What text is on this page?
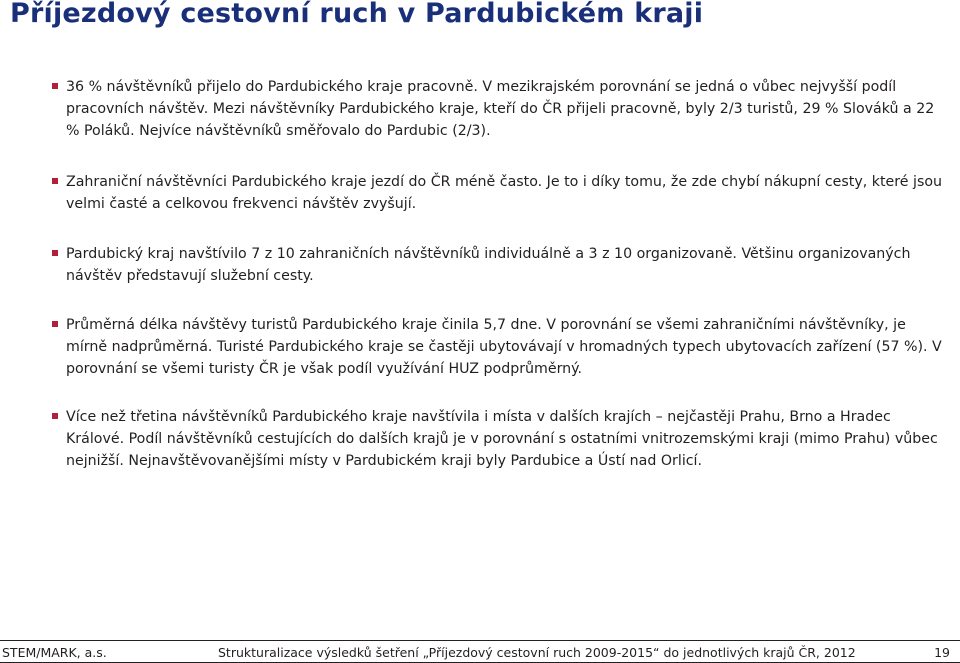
Příjezdový cestovní ruch v Pardubickém kraji
36 % návštěvníků přijelo do Pardubického kraje pracovně. V mezikrajském porovnání se jedná o vůbec nejvyšší podíl pracovních návštěv. Mezi návštěvníky Pardubického kraje, kteří do ČR přijeli pracovně, byly 2/3 turistů, 29 % Slováků a 22 % Poláků. Nejvíce návštěvníků směřovalo do Pardubic (2/3).
Zahraniční návštěvníci Pardubického kraje jezdí do ČR méně často. Je to i díky tomu, že zde chybí nákupní cesty, které jsou velmi časté a celkovou frekvenci návštěv zvyšují.
Pardubický kraj navštívilo 7 z 10 zahraničních návštěvníků individuálně a 3 z 10 organizovaně. Většinu organizovaných návštěv představují služební cesty.
Průměrná délka návštěvy turistů Pardubického kraje činila 5,7 dne. V porovnání se všemi zahraničními návštěvníky, je mírně nadprůměrná. Turisté Pardubického kraje se častěji ubytovávají v hromadných typech ubytovacích zařízení (57 %). V porovnání se všemi turisty ČR je však podíl využívání HUZ podprůměrný.
Více než třetina návštěvníků Pardubického kraje navštívila i místa v dalších krajích – nejčastěji Prahu, Brno a Hradec Králové. Podíl návštěvníků cestujících do dalších krajů je v porovnání s ostatními vnitrozemskými kraji (mimo Prahu) vůbec nejnižší. Nejnavštěvovanějšími místy v Pardubickém kraji byly Pardubice a Ústí nad Orlicí.
STEM/MARK, a.s.	Strukturalizace výsledků šetření „Příjezdový cestovní ruch 2009-2015“ do jednotlivých krajů ČR, 2012	19
